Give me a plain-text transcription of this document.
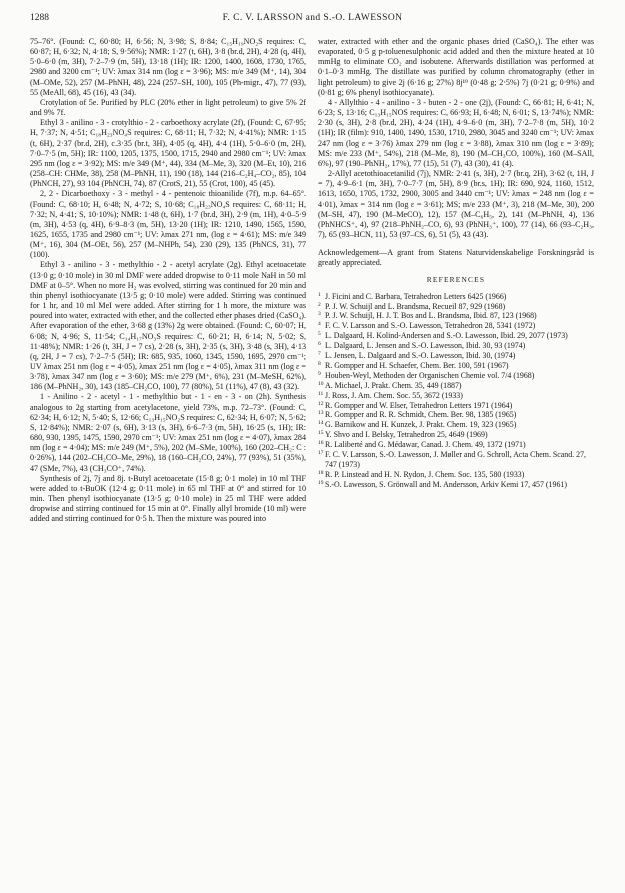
1288	F. C. V. LARSSON and S.-O. LAWESSON

75–76°. (Found: C, 60·80; H, 6·56; N, 3·98; S, 8·84; C₁₅H₁₉NO₂S requires: C, 60·87; H, 6·32; N, 4·18; S, 9·56%); NMR: 1·27 (t, 6H), 3·8 (br.d, 2H), 4·28 (q, 4H), 5·0–6·0 (m, 3H), 7·2–7·9 (m, 5H), 13·18 (1H); IR: 1200, 1400, 1608, 1730, 1765, 2980 and 3200 cm⁻¹; UV: λmax 314 nm (log ε = 3·96); MS: m/e 349 (M⁺, 14), 304 (M–OMe, 52), 257 (M–PhNH, 48), 224 (257–SH, 100), 105 (Ph-migr., 47), 77 (93), 55 (MeAll, 68), 45 (16), 43 (34).

Crotylation of 5e. Purified by PLC (20% ether in light petroleum) to give 5% 2f and 9% 7f.

Ethyl 3 - anilino - 3 - crotylthio - 2 - carboethoxy acrylate (2f), (Found: C, 67·95; H, 7·37; N, 4·51; C₁₈H₂₃NO₄S requires: C, 68·11; H, 7·32; N, 4·41%); NMR: 1·15 (t, 6H), 2·37 (br.d, 2H), c.3·35 (br.t, 3H), 4·05 (q, 4H), 4·4 (1H), 5·0–6·0 (m, 2H), 7·0–7·5 (m, 5H); IR: 1100, 1205, 1375, 1500, 1715, 2940 and 2980 cm⁻¹; UV: λmax 295 nm (log ε = 3·92); MS: m/e 349 (M⁺, 44), 334 (M–Me, 3), 320 (M–Et, 10), 216 (258–CH: CHMe, 38), 258 (M–PhNH, 11), 190 (18), 144 (216–C₂H₄–CO₂, 85), 104 (PhNCH, 27), 93 104 (PhNCH, 74), 87 (CrotS, 21), 55 (Crot, 100), 45 (45).

2, 2 - Dicarboethoxy - 3 - methyl - 4 - pentenoic thioanilide (7f), m.p. 64–65°. (Found: C, 68·10; H, 6·48; N, 4·72; S, 10·68; C₁₈H₂₃NO₄S requires: C, 68·11; H, 7·32; N, 4·41; S, 10·10%); NMR: 1·48 (t, 6H), 1·7 (br.d, 3H), 2·9 (m, 1H), 4·0–5·9 (m, 3H), 4·53 (q, 4H), 6·9–8·3 (m, 5H), 13·20 (1H); IR: 1210, 1490, 1565, 1590, 1625, 1655, 1735 and 2980 cm⁻¹; UV: λmax 271 nm, (log ε = 4·61); MS: m/e 349 (M⁺, 16), 304 (M–OEt, 56), 257 (M–NHPh, 54), 230 (29), 135 (PhNCS, 31), 77 (100).

Ethyl 3 - anilino - 3 - methylthio - 2 - acetyl acrylate (2g). Ethyl acetoacetate (13·0 g; 0·10 mole) in 30 ml DMF were added dropwise to 0·11 mole NaH in 50 ml DMF at 0–5°. When no more H₂ was evolved, stirring was continued for 20 min and thin phenyl isothiocyanate (13·5 g; 0·10 mole) were added. Stirring was continued for 1 hr, and 10 ml MeI were added. After stirring for 1 h more, the mixture was poured into water, extracted with ether, and the collected ether phases dried (CaSO₄). After evaporation of the ether, 3·68 g (13%) 2g were obtained. (Found: C, 60·07; H, 6·08; N, 4·96; S, 11·54; C₁₄H₁₇NO₃S requires: C, 60·21; H, 6·14; N, 5·02; S, 11·48%); NMR: 1·26 (t, 3H, J = 7 cs), 2·28 (s, 3H), 2·35 (s, 3H), 3·48 (s, 3H), 4·13 (q, 2H, J = 7 cs), 7·2–7·5 (5H); IR: 685, 935, 1060, 1345, 1590, 1695, 2970 cm⁻¹; UV λmax 251 nm (log ε = 4·05), λmax 251 nm (log ε = 4·05), λmax 311 nm (log ε = 3·78), λmax 347 nm (log ε = 3·60); MS: m/e 279 (M⁺, 6%), 231 (M–MeSH, 62%), 186 (M–PhNH₂, 30), 143 (185–CH₂CO, 100), 77 (80%), 51 (11%), 47 (8), 43 (32).

1 - Anilino - 2 - acetyl - 1 - methylthio but - 1 - en - 3 - on (2h). Synthesis analogous to 2g starting from acetylacetone, yield 73%, m.p. 72–73°. (Found: C, 62·34; H, 6·12; N, 5·40; S, 12·66; C₁₃H₁₅NO₂S requires: C, 62·34; H, 6·07; N, 5·62; S, 12·84%); NMR: 2·07 (s, 6H), 3·13 (s, 3H), 6·6–7·3 (m, 5H), 16·25 (s, 1H); IR: 680, 930, 1395, 1475, 1590, 2970 cm⁻¹; UV: λmax 251 nm (log ε = 4·07), λmax 284 nm (log ε = 4·04); MS: m/e 249 (M⁺, 5%), 202 (M–SMe, 100%), 160 (202–CH₂: C : 0·26%), 144 (202–CH₂CO–Me, 29%), 18 (160–CH₂CO, 24%), 77 (93%), 51 (35%), 47 (SMe, 7%), 43 (CH₃CO⁺, 74%).

Synthesis of 2j, 7j and 8j. t-Butyl acetoacetate (15·8 g; 0·1 mole) in 10 ml THF were added to t-BuOK (12·4 g; 0·11 mole) in 65 ml THF at 0° and stirred for 10 min. Then phenyl isothiocyanate (13·5 g; 0·10 mole) in 25 ml THF were added dropwise and stirring continued for 15 min at 0°. Finally allyl bromide (10 ml) were added and stirring continued for 0·5 h. Then the mixture was poured into

water, extracted with ether and the organic phases dried (CaSO₄). The ether was evaporated, 0·5 g p-toluenesulphonic acid added and then the mixture heated at 10 mmHg to eliminate CO₂ and isobutene. Afterwards distillation was performed at 0·1–0·3 mmHg. The distillate was purified by column chromatography (ether in light petroleum) to give 2j (6·16 g; 27%) 8j¹⁹ (0·48 g; 2·5%) 7j (0·21 g; 0·9%) and (0·81 g; 6% phenyl isothiocyanate).

4 - Allylthio - 4 - anilino - 3 - buten - 2 - one (2j), (Found: C, 66·81; H, 6·41; N, 6·23; S, 13·16; C₁₃H₁₅NOS requires: C, 66·93; H, 6·48; N, 6·01; S, 13·74%); NMR: 2·30 (s, 3H), 2·8 (br.d, 2H), 4·24 (1H), 4·9–6·0 (m, 3H), 7·2–7·8 (m, 5H), 10·2 (1H); IR (film): 910, 1400, 1490, 1530, 1710, 2980, 3045 and 3240 cm⁻¹; UV: λmax 247 nm (log ε = 3·76) λmax 279 nm (log ε = 3·88), λmax 310 nm (log ε = 3·89); MS: m/e 233 (M⁺, 54%), 218 (M–Me, 8), 190 (M–CH₃CO, 100%), 160 (M–SAll, 6%), 97 (190–PhNH₂, 17%), 77 (15), 51 (7), 43 (30), 41 (4).

2-Allyl acetothioacetanilid (7j), NMR: 2·41 (s, 3H), 2·7 (br.q, 2H), 3·62 (t, 1H, J = 7), 4·9–6·1 (m, 3H), 7·0–7·7 (m, 5H), 8·9 (br.s, 1H); IR: 690, 924, 1160, 1512, 1613, 1650, 1705, 1732, 2900, 3005 and 3440 cm⁻¹; UV: λmax = 248 nm (log ε = 4·01), λmax = 314 nm (log ε = 3·61); MS; m/e 233 (M⁺, 3), 218 (M–Me, 30), 200 (M–SH, 47), 190 (M–MeCO), 12), 157 (M–C₆H₅, 2), 141 (M–PhNH, 4), 136 (PhNHCS⁺, 4), 97 (218–PhNH₂–CO, 6), 93 (PhNH₃⁺, 100), 77 (14), 66 (93–C₂H₃, 7), 65 (93–HCN, 11), 53 (97–CS, 6), 51 (5), 43 (43).

Acknowledgement—A grant from Statens Naturvidenskabelige Forskningsråd is greatly appreciated.

REFERENCES
1 J. Ficini and C. Barbara, Tetrahedron Letters 6425 (1966)
2 P. J. W. Schuijl and L. Brandsma, Recueil 87, 929 (1968)
3 P. J. W. Schuijl, H. J. T. Bos and L. Brandsma, Ibid. 87, 123 (1968)
4 F. C. V. Larsson and S.-O. Lawesson, Tetrahedron 28, 5341 (1972)
5 L. Dalgaard, H. Kolind-Andersen and S.-O. Lawesson, Ibid. 29, 2077 (1973)
6 L. Dalgaard, L. Jensen and S.-O. Lawesson, Ibid. 30, 93 (1974)
7 L. Jensen, L. Dalgaard and S.-O. Lawesson, Ibid. 30, (1974)
8 R. Gompper and H. Schaefer, Chem. Ber. 100, 591 (1967)
9 Houben-Weyl, Methoden der Organischen Chemie vol. 7/4 (1968)
10 A. Michael, J. Prakt. Chem. 35, 449 (1887)
11 J. Ross, J. Am. Chem. Soc. 55, 3672 (1933)
12 R. Gompper and W. Elser, Tetrahedron Letters 1971 (1964)
13 R. Gompper and R. R. Schmidt, Chem. Ber. 98, 1385 (1965)
14 G. Barnikow and H. Kunzek, J. Prakt. Chem. 19, 323 (1965)
15 Y. Shvo and I. Belsky, Tetrahedron 25, 4649 (1969)
16 R. Laliberté and G. Médawar, Canad. J. Chem. 49, 1372 (1971)
17 F. C. V. Larsson, S.-O. Lawesson, J. Møller and G. Schroll, Acta Chem. Scand. 27, 747 (1973)
18 R. P. Linstead and H. N. Rydon, J. Chem. Soc. 135, 580 (1933)
19 S.-O. Lawesson, S. Grönwall and M. Andersson, Arkiv Kemi 17, 457 (1961)
